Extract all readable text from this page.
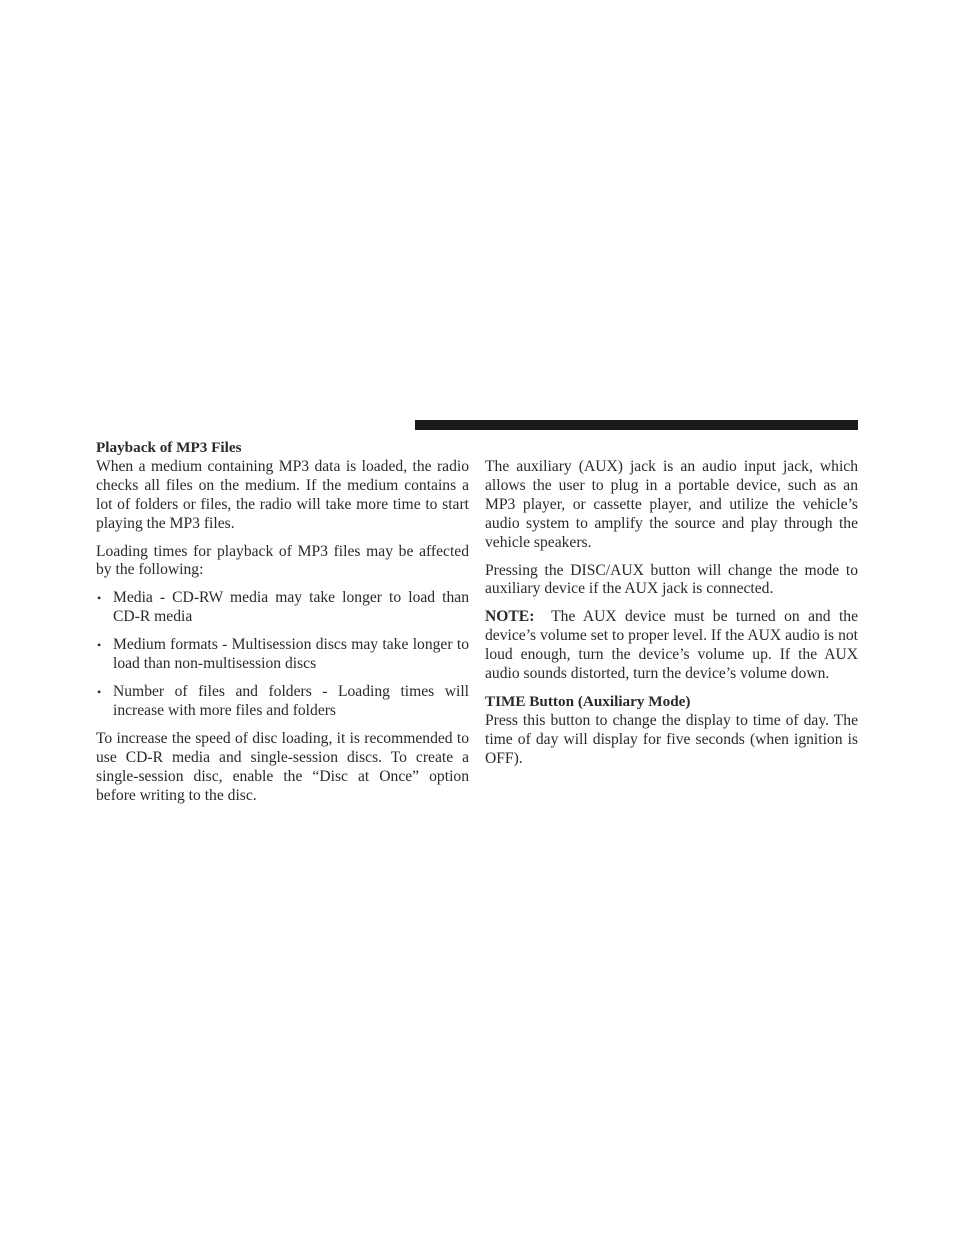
Playback of MP3 Files

When a medium containing MP3 data is loaded, the radio checks all files on the medium. If the medium contains a lot of folders or files, the radio will take more time to start playing the MP3 files.

Loading times for playback of MP3 files may be affected by the following:

• Media - CD-RW media may take longer to load than CD-R media
• Medium formats - Multisession discs may take longer to load than non-multisession discs
• Number of files and folders - Loading times will increase with more files and folders

To increase the speed of disc loading, it is recommended to use CD-R media and single-session discs. To create a single-session disc, enable the “Disc at Once” option before writing to the disc.

The auxiliary (AUX) jack is an audio input jack, which allows the user to plug in a portable device, such as an MP3 player, or cassette player, and utilize the vehicle’s audio system to amplify the source and play through the vehicle speakers.

Pressing the DISC/AUX button will change the mode to auxiliary device if the AUX jack is connected.

NOTE: The AUX device must be turned on and the device’s volume set to proper level. If the AUX audio is not loud enough, turn the device’s volume up. If the AUX audio sounds distorted, turn the device’s volume down.

TIME Button (Auxiliary Mode)

Press this button to change the display to time of day. The time of day will display for five seconds (when ignition is OFF).
